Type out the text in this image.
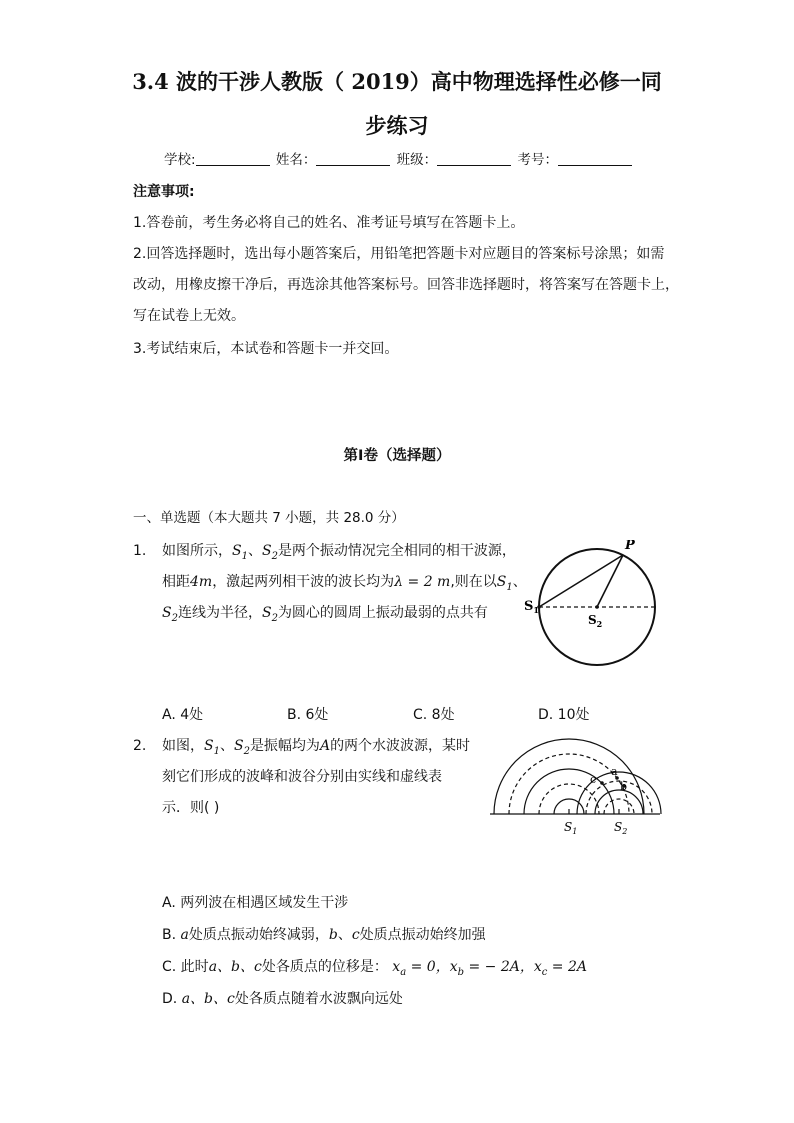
3.4 波的干涉人教版（ 2019）高中物理选择性必修一同
步练习
学校:	姓名：	班级：	考号：
注意事项:
1.答卷前，考生务必将自己的姓名、准考证号填写在答题卡上。
2.回答选择题时，选出每小题答案后，用铅笔把答题卡对应题目的答案标号涂黑；如需
改动，用橡皮擦干净后，再选涂其他答案标号。回答非选择题时，将答案写在答题卡上，
写在试卷上无效。
3.考试结束后，本试卷和答题卡一并交回。
第Ⅰ卷（选择题）
一、单选题（本大题共 7 小题，共 28.0 分）
1. 如图所示，$S_1$、$S_2$是两个振动情况完全相同的相干波源，
相距4m，激起两列相干波的波长均为λ = 2 m,则在以$S_1$、
$S_2$连线为半径，$S_2$为圆心的圆周上振动最弱的点共有
P
$S_1$
$S_2$
A. 4处	B. 6处	C. 8处	D. 10处
2. 如图，$S_1$、$S_2$是振幅均为A的两个水波波源，某时
刻它们形成的波峰和波谷分别由实线和虚线表
示．则( )
a
b
c
$S_1$	$S_2$
A. 两列波在相遇区域发生干涉
B. a处质点振动始终减弱，b、c处质点振动始终加强
C. 此时a、b、c处各质点的位移是： $x_a = 0$，$x_b$ = − 2A，$x_c = 2A$
D. a、b、c处各质点随着水波飘向远处
